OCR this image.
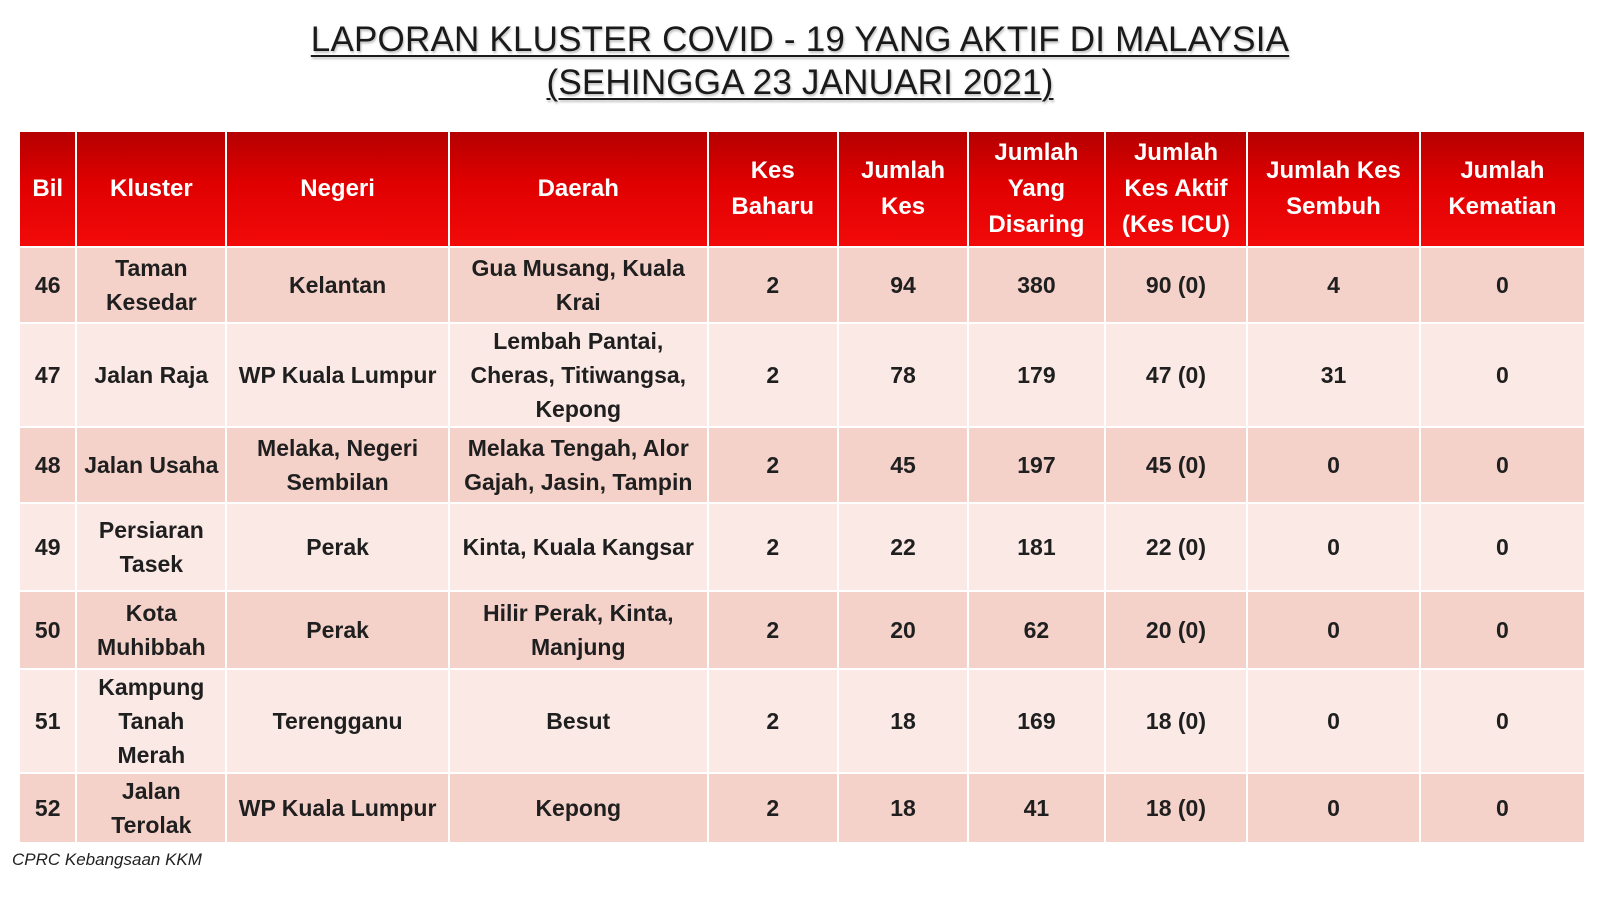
LAPORAN KLUSTER COVID - 19 YANG AKTIF DI MALAYSIA
(SEHINGGA 23 JANUARI 2021)
Bil	Kluster	Negeri	Daerah	Kes Baharu	Jumlah Kes	Jumlah Yang Disaring	Jumlah Kes Aktif (Kes ICU)	Jumlah Kes Sembuh	Jumlah Kematian
46	Taman Kesedar	Kelantan	Gua Musang, Kuala Krai	2	94	380	90 (0)	4	0
47	Jalan Raja	WP Kuala Lumpur	Lembah Pantai, Cheras, Titiwangsa, Kepong	2	78	179	47 (0)	31	0
48	Jalan Usaha	Melaka, Negeri Sembilan	Melaka Tengah, Alor Gajah, Jasin, Tampin	2	45	197	45 (0)	0	0
49	Persiaran Tasek	Perak	Kinta, Kuala Kangsar	2	22	181	22 (0)	0	0
50	Kota Muhibbah	Perak	Hilir Perak, Kinta, Manjung	2	20	62	20 (0)	0	0
51	Kampung Tanah Merah	Terengganu	Besut	2	18	169	18 (0)	0	0
52	Jalan Terolak	WP Kuala Lumpur	Kepong	2	18	41	18 (0)	0	0
CPRC Kebangsaan KKM
